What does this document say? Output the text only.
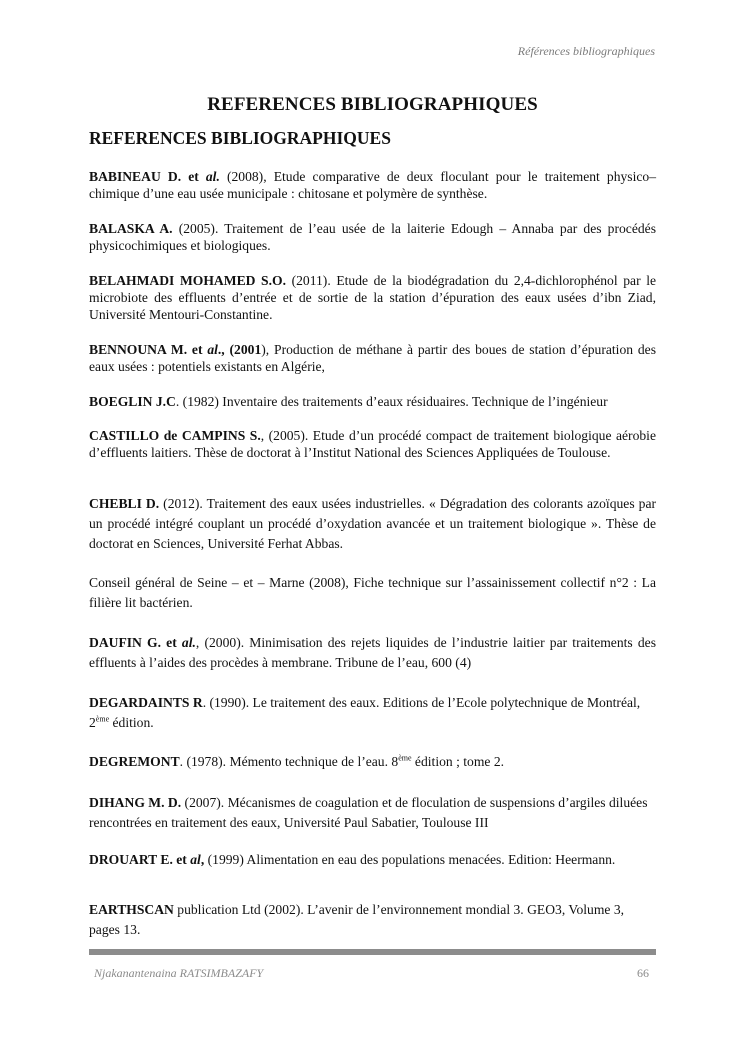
Références bibliographiques
REFERENCES BIBLIOGRAPHIQUES
REFERENCES BIBLIOGRAPHIQUES
BABINEAU D. et al. (2008), Etude comparative de deux floculant pour le traitement physico–chimique d’une eau usée municipale : chitosane et polymère de synthèse.
BALASKA A. (2005). Traitement de l’eau usée de la laiterie Edough – Annaba par des procédés physicochimiques et biologiques.
BELAHMADI MOHAMED S.O. (2011). Etude de la biodégradation du 2,4-dichlorophénol par le microbiote des effluents d’entrée et de sortie de la station d’épuration des eaux usées d’ibn Ziad, Université Mentouri-Constantine.
BENNOUNA M. et al., (2001), Production de méthane à partir des boues de station d’épuration des eaux usées : potentiels existants en Algérie,
BOEGLIN J.C. (1982) Inventaire des traitements d’eaux résiduaires. Technique de l’ingénieur
CASTILLO de CAMPINS S., (2005). Etude d’un procédé compact de traitement biologique aérobie d’effluents laitiers. Thèse de doctorat à l’Institut National des Sciences Appliquées de Toulouse.
CHEBLI D. (2012). Traitement des eaux usées industrielles. « Dégradation des colorants azoïques par un procédé intégré couplant un procédé d’oxydation avancée et un traitement biologique ». Thèse de doctorat en Sciences, Université Ferhat Abbas.
Conseil général de Seine – et – Marne (2008), Fiche technique sur l’assainissement collectif n°2 : La filière lit bactérien.
DAUFIN G. et al., (2000). Minimisation des rejets liquides de l’industrie laitier par traitements des effluents à l’aides des procèdes à membrane. Tribune de l’eau, 600 (4)
DEGARDAINTS R. (1990). Le traitement des eaux. Editions de l’Ecole polytechnique de Montréal, 2ème édition.
DEGREMONT. (1978). Mémento technique de l’eau. 8ème édition ; tome 2.
DIHANG M. D. (2007). Mécanismes de coagulation et de floculation de suspensions d’argiles diluées rencontrées en traitement des eaux, Université Paul Sabatier, Toulouse III
DROUART E. et al, (1999) Alimentation en eau des populations menacées. Edition: Heermann.
EARTHSCAN publication Ltd (2002). L’avenir de l’environnement mondial 3. GEO3, Volume 3, pages 13.
Njakanantenaina RATSIMBAZAFY	66
